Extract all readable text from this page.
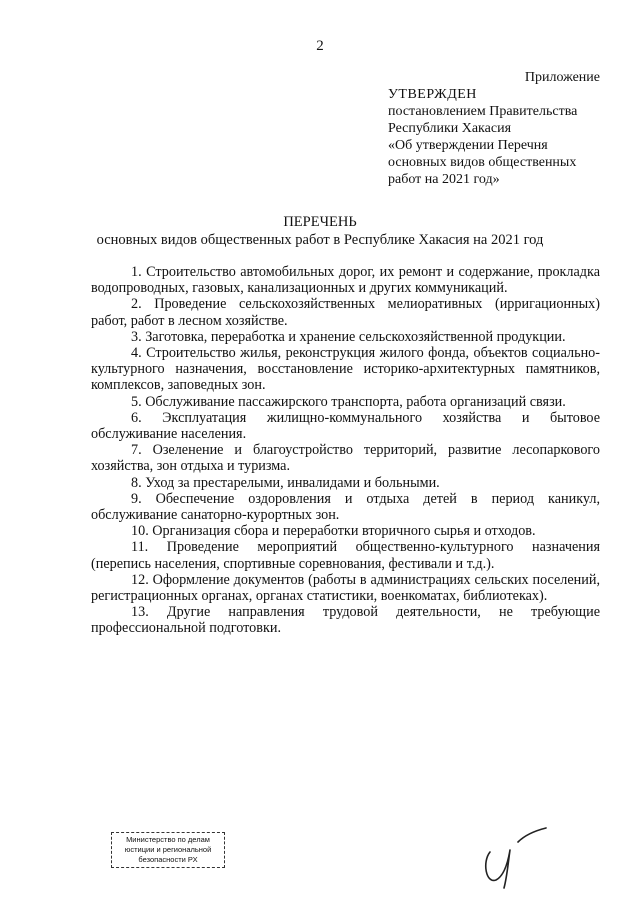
2
Приложение
УТВЕРЖДЕН
постановлением Правительства
Республики Хакасия
«Об утверждении Перечня
основных видов общественных
работ на 2021 год»
ПЕРЕЧЕНЬ
основных видов общественных работ в Республике Хакасия на 2021 год

1. Строительство автомобильных дорог, их ремонт и содержание, прокладка водопроводных, газовых, канализационных и других коммуникаций.

2. Проведение сельскохозяйственных мелиоративных (ирригационных) работ, работ в лесном хозяйстве.

3. Заготовка, переработка и хранение сельскохозяйственной продукции.

4. Строительство жилья, реконструкция жилого фонда, объектов социально-культурного назначения, восстановление историко-архитектурных памятников, комплексов, заповедных зон.

5. Обслуживание пассажирского транспорта, работа организаций связи.

6. Эксплуатация жилищно-коммунального хозяйства и бытовое обслуживание населения.

7. Озеленение и благоустройство территорий, развитие лесопаркового хозяйства, зон отдыха и туризма.

8. Уход за престарелыми, инвалидами и больными.

9. Обеспечение оздоровления и отдыха детей в период каникул, обслуживание санаторно-курортных зон.

10. Организация сбора и переработки вторичного сырья и отходов.

11. Проведение мероприятий общественно-культурного назначения (перепись населения, спортивные соревнования, фестивали и т.д.).

12. Оформление документов (работы в администрациях сельских поселений, регистрационных органах, органах статистики, военкоматах, библиотеках).

13. Другие направления трудовой деятельности, не требующие профессиональной подготовки.

Министерство по делам
юстиции и региональной
безопасности РХ
